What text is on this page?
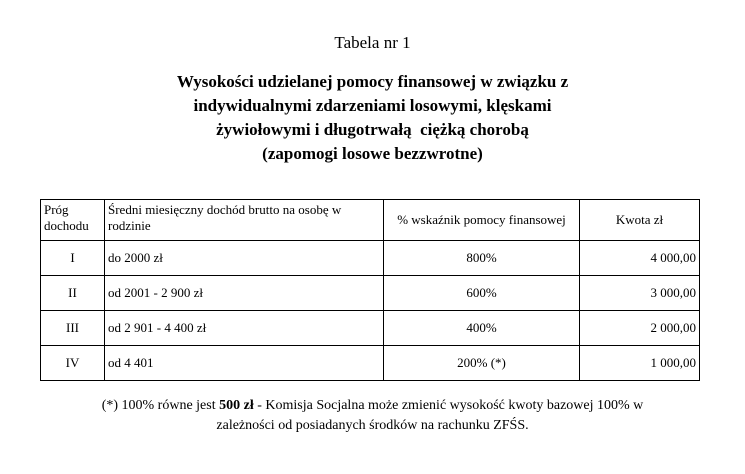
Tabela nr 1
Wysokości udzielanej pomocy finansowej w związku z
indywidualnymi zdarzeniami losowymi, klęskami
żywiołowymi i długotrwałą  ciężką chorobą
(zapomogi losowe bezzwrotne)
Próg dochodu	Średni miesięczny dochód brutto na osobę w rodzinie	% wskaźnik pomocy finansowej	Kwota zł
I	do 2000 zł	800%	4 000,00
II	od 2001 - 2 900 zł	600%	3 000,00
III	od 2 901 - 4 400 zł	400%	2 000,00
IV	od 4 401	200% (*)	1 000,00
(*) 100% równe jest 500 zł - Komisja Socjalna może zmienić wysokość kwoty bazowej 100% w
zależności od posiadanych środków na rachunku ZFŚS.
